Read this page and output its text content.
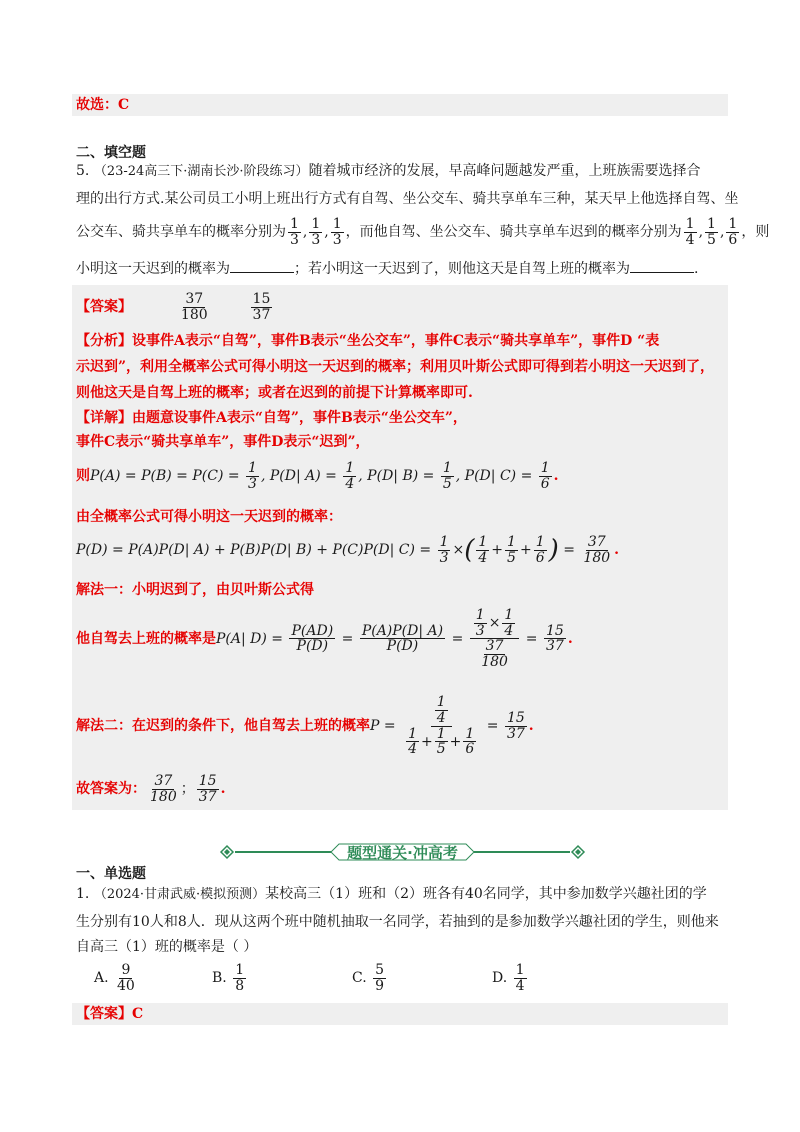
故选：C
二、填空题
5. （23-24高三下·湖南长沙·阶段练习）随着城市经济的发展，早高峰问题越发严重，上班族需要选择合
理的出行方式.某公司员工小明上班出行方式有自驾、坐公交车、骑共享单车三种，某天早上他选择自驾、坐
公交车、骑共享单车的概率分别为 $\frac{1}{3}$ , $\frac{1}{3}$ , $\frac{1}{3}$ ，而他自驾、坐公交车、骑共享单车迟到的概率分别为 $\frac{1}{4}$ , $\frac{1}{5}$ , $\frac{1}{6}$ ，则
小明这一天迟到的概率为	；若小明这一天迟到了，则他这天是自驾上班的概率为	.
【答案】	$\frac{37}{180}$
	$\frac{15}{37}$
【分析】设事件A表示“自驾”，事件B表示“坐公交车”，事件C表示“骑共享单车”，事件D “表
示迟到”，利用全概率公式可得小明这一天迟到的概率；利用贝叶斯公式即可得到若小明这一天迟到了，
则他这天是自驾上班的概率；或者在迟到的前提下计算概率即可.
【详解】由题意设事件A表示“自驾”，事件B表示“坐公交车”，
事件C表示“骑共享单车”，事件D表示“迟到”，
则$P(A) = P(B) = P(C) = \frac{1}{3}$ , P(D| $A) = \frac{1}{4}$ , P(D| $B) = \frac{1}{5}$ , P(D| $C) = \frac{1}{6}$ .
由全概率公式可得小明这一天迟到的概率：
P(D) = P(A)P(D| A) + P(B)P(D| B) + P(C)P(D| $C) = \frac{1}{3}$ ×( $\frac{1}{4} + \frac{1}{5} + \frac{1}{6}$ ) = $\frac{37}{180}$ .
解法一：小明迟到了，由贝叶斯公式得
他自驾去上班的概率是P(A| $D) = \frac{P(AD)}{P(D)} = \frac{P(A)P(D| A)}{P(D)} = \frac{\frac{1}{3} \times \frac{1}{4}}{\frac{37}{180}} = \frac{15}{37}$ .
解法二：在迟到的条件下，他自驾去上班的概率$P = \frac{\frac{1}{4}}{\frac{1}{4} + \frac{1}{5} + \frac{1}{6}} = \frac{15}{37}$ .
故答案为： $\frac{37}{180}$ ； $\frac{15}{37}$ .
题型通关·冲高考
一、单选题
1. （2024·甘肃武威·模拟预测）某校高三（1）班和（2）班各有40名同学，其中参加数学兴趣社团的学
生分别有10人和8人．现从这两个班中随机抽取一名同学，若抽到的是参加数学兴趣社团的学生，则他来
自高三（1）班的概率是（ ）
A. $\frac{9}{40}$	B. $\frac{1}{8}$	C. $\frac{5}{9}$	D. $\frac{1}{4}$
【答案】C
